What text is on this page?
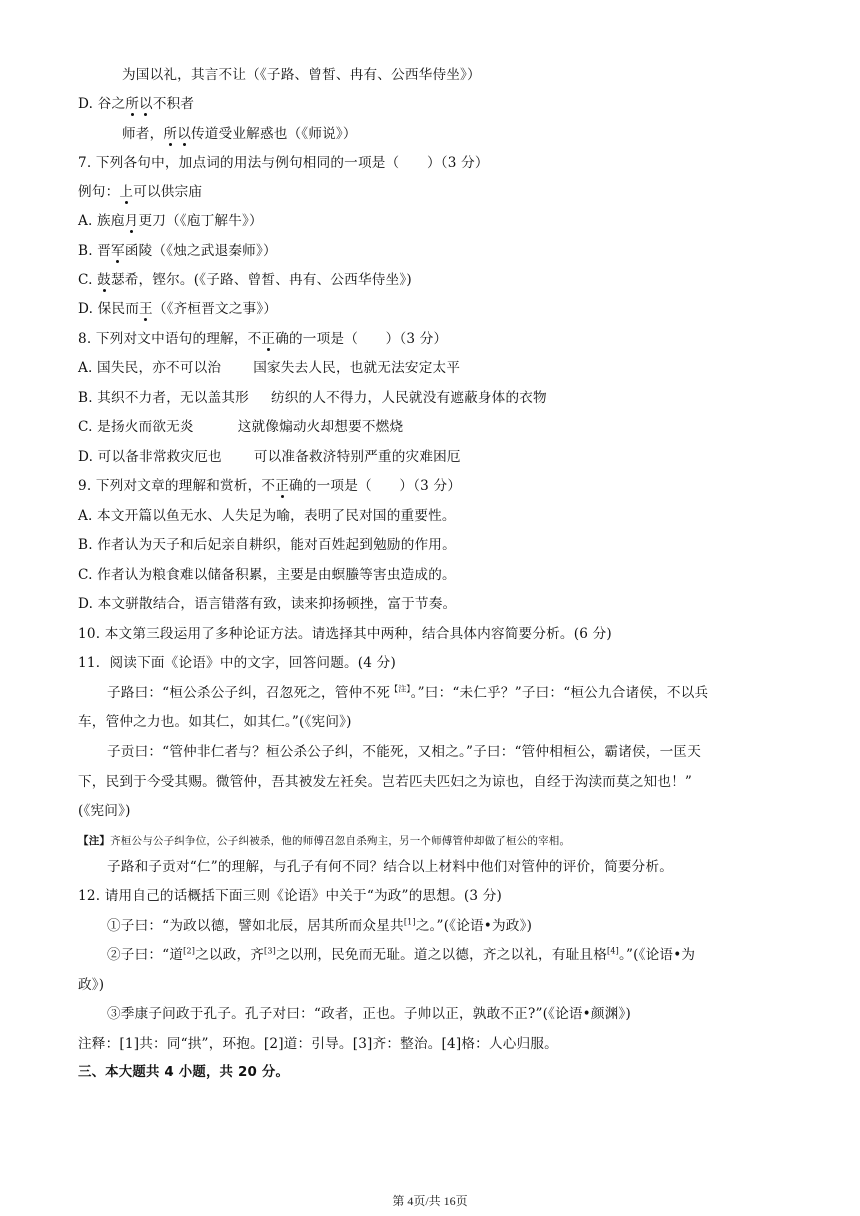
为国以礼，其言不让（《子路、曾皙、冉有、公西华侍坐》）
D. 谷之所以不积者
师者，所以传道受业解惑也（《师说》）
7. 下列各句中，加点词的用法与例句相同的一项是（　　）（3 分）
例句：上可以供宗庙
A. 族庖月更刀（《庖丁解牛》）
B. 晋军函陵（《烛之武退秦师》）
C. 鼓瑟希，铿尔。(《子路、曾皙、冉有、公西华侍坐》)
D. 保民而王（《齐桓晋文之事》）
8. 下列对文中语句的理解，不正确的一项是（　　）（3 分）
A. 国失民，亦不可以治 国家失去人民，也就无法安定太平
B. 其织不力者，无以盖其形 纺织的人不得力，人民就没有遮蔽身体的衣物
C. 是扬火而欲无炎	这就像煽动火却想要不燃烧
D. 可以备非常救灾厄也 可以准备救济特别严重的灾难困厄
9. 下列对文章的理解和赏析，不正确的一项是（　　）（3 分）
A. 本文开篇以鱼无水、人失足为喻，表明了民对国的重要性。
B. 作者认为天子和后妃亲自耕织，能对百姓起到勉励的作用。
C. 作者认为粮食难以储备积累，主要是由螟螣等害虫造成的。
D. 本文骈散结合，语言错落有致，读来抑扬顿挫，富于节奏。
10. 本文第三段运用了多种论证方法。请选择其中两种，结合具体内容简要分析。(6 分)
11．阅读下面《论语》中的文字，回答问题。(4 分)
子路曰：“桓公杀公子纠，召忽死之，管仲不死$^{【注】}$。”曰：“未仁乎？”子曰：“桓公九合诸侯，不以兵
车，管仲之力也。如其仁，如其仁。”(《宪问》)
子贡曰：“管仲非仁者与？桓公杀公子纠，不能死，又相之。”子曰：“管仲相桓公，霸诸侯，一匡天
下，民到于今受其赐。微管仲，吾其被发左衽矣。岂若匹夫匹妇之为谅也，自经于沟渎而莫之知也！”
(《宪问》)
【注】齐桓公与公子纠争位，公子纠被杀，他的师傅召忽自杀殉主，另一个师傅管仲却做了桓公的宰相。
子路和子贡对“仁”的理解，与孔子有何不同？结合以上材料中他们对管仲的评价，简要分析。
12. 请用自己的话概括下面三则《论语》中关于“为政”的思想。(3 分)
①子曰：“为政以德，譬如北辰，居其所而众星共[1]之。”(《论语•为政》)
②子曰：“道[2]之以政，齐[3]之以刑，民免而无耻。道之以德，齐之以礼，有耻且格[4]。”(《论语•为
政》)
③季康子问政于孔子。孔子对曰：“政者，正也。子帅以正，孰敢不正?”(《论语•颜渊》)
注释：[1]共：同“拱”，环抱。[2]道：引导。[3]齐：整治。[4]格：人心归服。
三、本大题共 4 小题，共 20 分。
第 4页/共 16页
